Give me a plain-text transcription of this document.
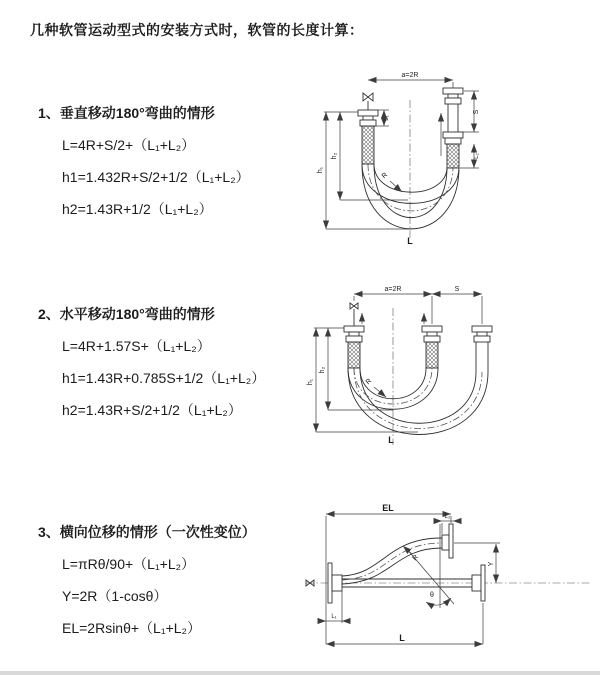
几种软管运动型式的安装方式时，软管的长度计算：
1、垂直移动180°弯曲的情形
L=4R+S/2+（L₁+L₂）
h1=1.432R+S/2+1/2（L₁+L₂）
h2=1.43R+1/2（L₁+L₂）
a=2R
S
L₁
L₂
h₁
h₂
R
L
2、水平移动180°弯曲的情形
L=4R+1.57S+（L₁+L₂）
h1=1.43R+0.785S+1/2（L₁+L₂）
h2=1.43R+S/2+1/2（L₁+L₂）
a=2R	S
h₁
h₂
R
L
3、横向位移的情形（一次性变位）
L=πRθ/90+（L₁+L₂）
Y=2R（1-cosθ）
EL=2Rsinθ+（L₁+L₂）
EL
L₂
Y
R
θ
L
L₁
